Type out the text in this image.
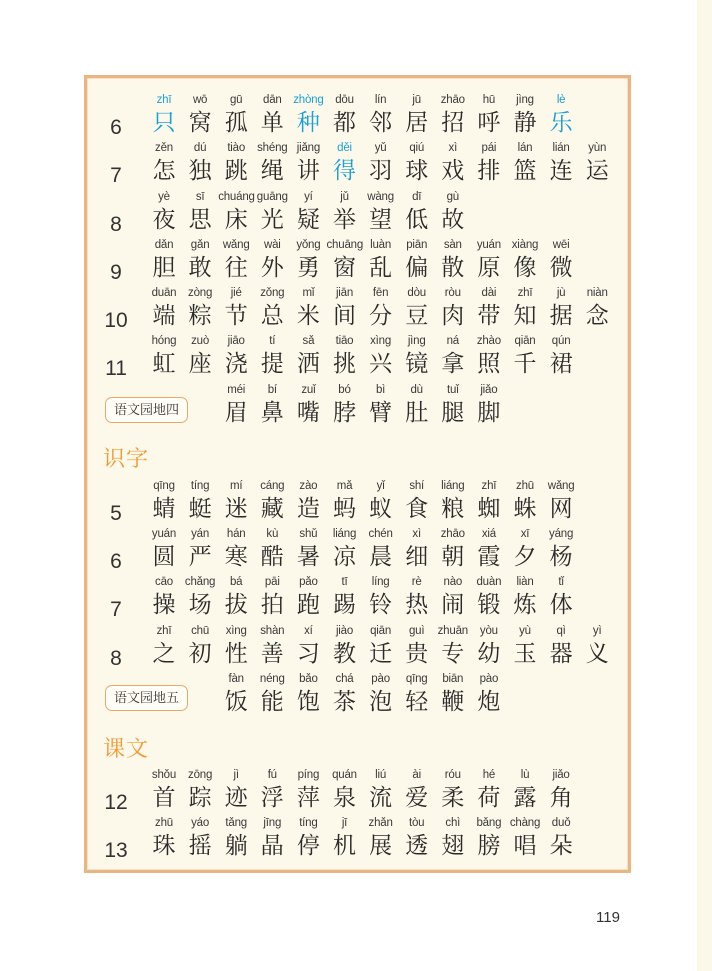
6
zhī
只
wō
窝
gū
孤
dān
单
zhòng
种
dōu
都
lín
邻
jū
居
zhāo
招
hū
呼
jìng
静
lè
乐
7
zěn
怎
dú
独
tiào
跳
shéng
绳
jiǎng
讲
děi
得
yǔ
羽
qiú
球
xì
戏
pái
排
lán
篮
lián
连
yùn
运
8
yè
夜
sī
思
chuáng
床
guāng
光
yí
疑
jǔ
举
wàng
望
dī
低
gù
故
9
dǎn
胆
gǎn
敢
wǎng
往
wài
外
yǒng
勇
chuāng
窗
luàn
乱
piān
偏
sàn
散
yuán
原
xiàng
像
wēi
微
10
duān
端
zòng
粽
jié
节
zǒng
总
mǐ
米
jiān
间
fēn
分
dòu
豆
ròu
肉
dài
带
zhī
知
jù
据
niàn
念
11
hóng
虹
zuò
座
jiāo
浇
tí
提
sǎ
洒
tiāo
挑
xìng
兴
jìng
镜
ná
拿
zhào
照
qiān
千
qún
裙
méi
眉
bí
鼻
zuǐ
嘴
bó
脖
bì
臂
dù
肚
tuǐ
腿
jiǎo
脚
5
qīng
蜻
tíng
蜓
mí
迷
cáng
藏
zào
造
mǎ
蚂
yǐ
蚁
shí
食
liáng
粮
zhī
蜘
zhū
蛛
wǎng
网
6
yuán
圆
yán
严
hán
寒
kù
酷
shǔ
暑
liáng
凉
chén
晨
xì
细
zhāo
朝
xiá
霞
xī
夕
yáng
杨
7
cāo
操
chǎng
场
bá
拔
pāi
拍
pǎo
跑
tī
踢
líng
铃
rè
热
nào
闹
duàn
锻
liàn
炼
tǐ
体
8
zhī
之
chū
初
xìng
性
shàn
善
xí
习
jiào
教
qiān
迁
guì
贵
zhuān
专
yòu
幼
yù
玉
qì
器
yì
义
fàn
饭
néng
能
bǎo
饱
chá
茶
pào
泡
qīng
轻
biān
鞭
pào
炮
12
shǒu
首
zōng
踪
jì
迹
fú
浮
píng
萍
quán
泉
liú
流
ài
爱
róu
柔
hé
荷
lù
露
jiǎo
角
13
zhū
珠
yáo
摇
tǎng
躺
jīng
晶
tíng
停
jī
机
zhǎn
展
tòu
透
chì
翅
bǎng
膀
chàng
唱
duǒ
朵
语文园地四
识字
语文园地五
课文
119
